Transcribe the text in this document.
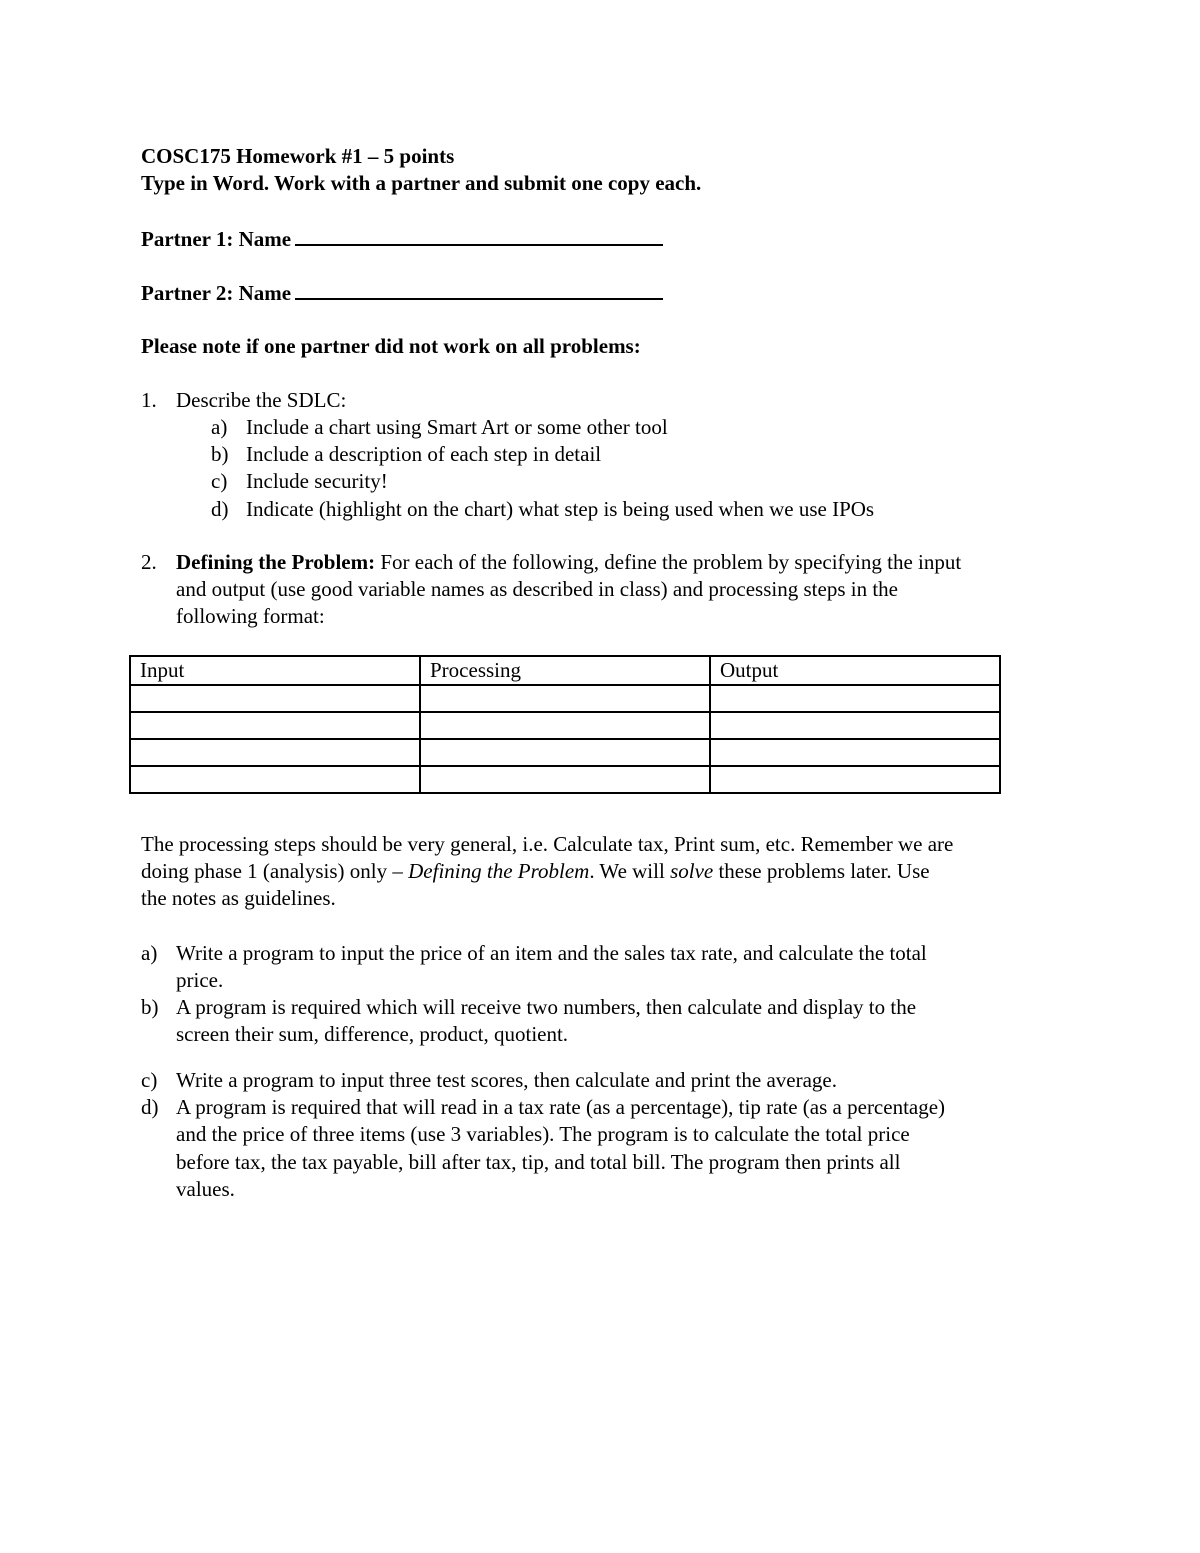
COSC175 Homework #1 – 5 points
Type in Word. Work with a partner and submit one copy each.
Partner 1: Name
Partner 2: Name
Please note if one partner did not work on all problems:
1. Describe the SDLC:
a) Include a chart using Smart Art or some other tool
b) Include a description of each step in detail
c) Include security!
d) Indicate (highlight on the chart) what step is being used when we use IPOs
2. Defining the Problem: For each of the following, define the problem by specifying the input
and output (use good variable names as described in class) and processing steps in the
following format:
Input	Processing	Output

The processing steps should be very general, i.e. Calculate tax, Print sum, etc. Remember we are
doing phase 1 (analysis) only – Defining the Problem. We will solve these problems later. Use
the notes as guidelines.
a) Write a program to input the price of an item and the sales tax rate, and calculate the total
price.
b) A program is required which will receive two numbers, then calculate and display to the
screen their sum, difference, product, quotient.
c) Write a program to input three test scores, then calculate and print the average.
d) A program is required that will read in a tax rate (as a percentage), tip rate (as a percentage)
and the price of three items (use 3 variables). The program is to calculate the total price
before tax, the tax payable, bill after tax, tip, and total bill. The program then prints all
values.
